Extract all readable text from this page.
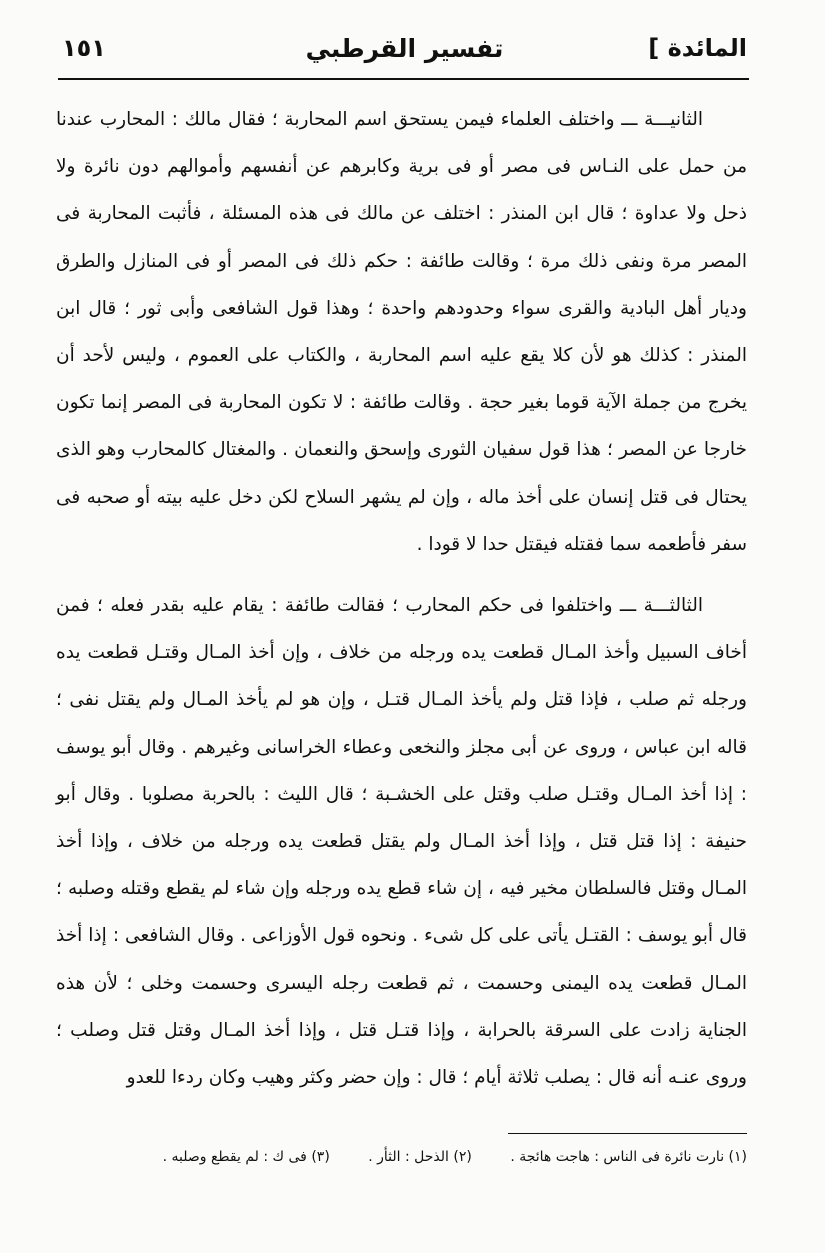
المائدة ]
تفسير القرطبي
١٥١

الثانيـــة ـــ واختلف العلماء فيمن يستحق اسم المحاربة ؛ فقال مالك : المحارب عندنا من حمل على النـاس فى مصر أو فى برية وكابرهم عن أنفسهم وأموالهم دون نائرة ولا ذحل ولا عداوة ؛ قال ابن المنذر : اختلف عن مالك فى هذه المسئلة ، فأثبت المحاربة فى المصر مرة ونفى ذلك مرة ؛ وقالت طائفة : حكم ذلك فى المصر أو فى المنازل والطرق وديار أهل البادية والقرى سواء وحدودهم واحدة ؛ وهذا قول الشافعى وأبى ثور ؛ قال ابن المنذر : كذلك هو لأن كلا يقع عليه اسم المحاربة ، والكتاب على العموم ، وليس لأحد أن يخرج من جملة الآية قوما بغير حجة . وقالت طائفة : لا تكون المحاربة فى المصر إنما تكون خارجا عن المصر ؛ هذا قول سفيان الثورى وإسحق والنعمان . والمغتال كالمحارب وهو الذى يحتال فى قتل إنسان على أخذ ماله ، وإن لم يشهر السلاح لكن دخل عليه بيته أو صحبه فى سفر فأطعمه سما فقتله فيقتل حدا لا قودا .

الثالثـــة ـــ واختلفوا فى حكم المحارب ؛ فقالت طائفة : يقام عليه بقدر فعله ؛ فمن أخاف السبيل وأخذ المـال قطعت يده ورجله من خلاف ، وإن أخذ المـال وقتـل قطعت يده ورجله ثم صلب ، فإذا قتل ولم يأخذ المـال قتـل ، وإن هو لم يأخذ المـال ولم يقتل نفى ؛ قاله ابن عباس ، وروى عن أبى مجلز والنخعى وعطاء الخراسانى وغيرهم . وقال أبو يوسف : إذا أخذ المـال وقتـل صلب وقتل على الخشـبة ؛ قال الليث : بالحربة مصلوبا . وقال أبو حنيفة : إذا قتل قتل ، وإذا أخذ المـال ولم يقتل قطعت يده ورجله من خلاف ، وإذا أخذ المـال وقتل فالسلطان مخير فيه ، إن شاء قطع يده ورجله وإن شاء لم يقطع وقتله وصلبه ؛ قال أبو يوسف : القتـل يأتى على كل شىء . ونحوه قول الأوزاعى . وقال الشافعى : إذا أخذ المـال قطعت يده اليمنى وحسمت ، ثم قطعت رجله اليسرى وحسمت وخلى ؛ لأن هذه الجناية زادت على السرقة بالحرابة ، وإذا قتـل قتل ، وإذا أخذ المـال وقتل قتل وصلب ؛ وروى عنـه أنه قال : يصلب ثلاثة أيام ؛ قال : وإن حضر وكثر وهيب وكان ردءا للعدو

(١) نارت نائرة فى الناس : هاجت هائجة . (٢) الذحل : الثأر . (٣) فى ك : لم يقطع وصلبه .
